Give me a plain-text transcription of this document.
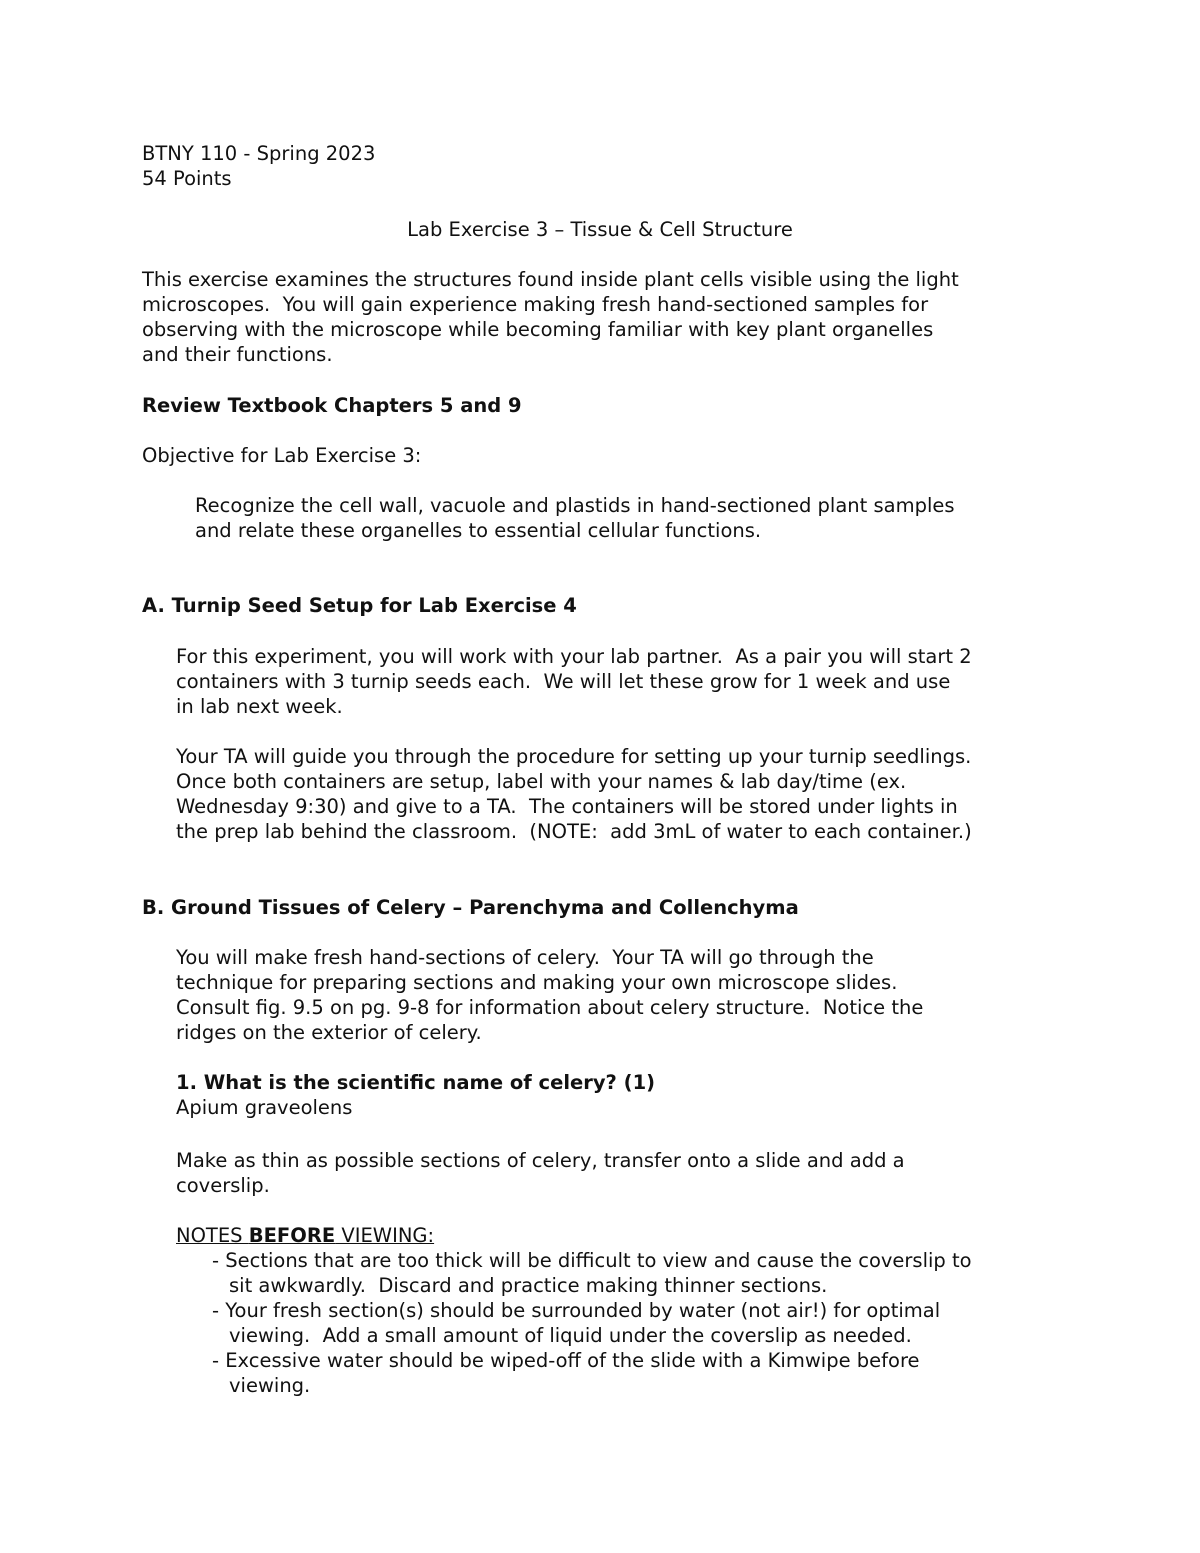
BTNY 110 - Spring 2023
54 Points
Lab Exercise 3 – Tissue & Cell Structure
This exercise examines the structures found inside plant cells visible using the light
microscopes.  You will gain experience making fresh hand-sectioned samples for
observing with the microscope while becoming familiar with key plant organelles
and their functions.
Review Textbook Chapters 5 and 9
Objective for Lab Exercise 3:
Recognize the cell wall, vacuole and plastids in hand-sectioned plant samples
and relate these organelles to essential cellular functions.
A. Turnip Seed Setup for Lab Exercise 4
For this experiment, you will work with your lab partner.  As a pair you will start 2
containers with 3 turnip seeds each.  We will let these grow for 1 week and use
in lab next week.
Your TA will guide you through the procedure for setting up your turnip seedlings.
Once both containers are setup, label with your names & lab day/time (ex.
Wednesday 9:30) and give to a TA.  The containers will be stored under lights in
the prep lab behind the classroom.  (NOTE:  add 3mL of water to each container.)
B. Ground Tissues of Celery – Parenchyma and Collenchyma
You will make fresh hand-sections of celery.  Your TA will go through the
technique for preparing sections and making your own microscope slides.
Consult fig. 9.5 on pg. 9-8 for information about celery structure.  Notice the
ridges on the exterior of celery.
1. What is the scientific name of celery? (1)
Apium graveolens
Make as thin as possible sections of celery, transfer onto a slide and add a
coverslip.
NOTES BEFORE VIEWING:
- Sections that are too thick will be difficult to view and cause the coverslip to
sit awkwardly.  Discard and practice making thinner sections.
- Your fresh section(s) should be surrounded by water (not air!) for optimal
viewing.  Add a small amount of liquid under the coverslip as needed.
- Excessive water should be wiped-off of the slide with a Kimwipe before
viewing.
